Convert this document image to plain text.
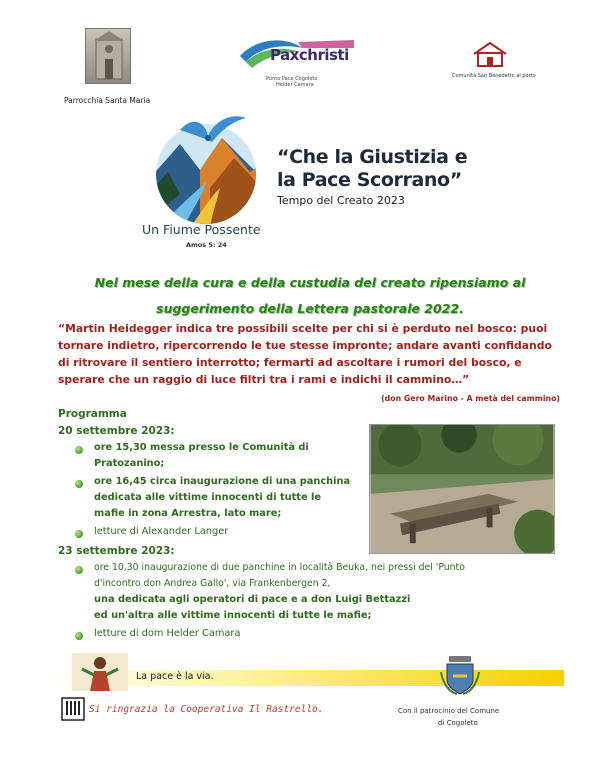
Paxchristi
Punto Pace Cogoleto
Helder Camara
Comunità San Benedetto al porto
Parrocchia Santa Maria
Un Fiume Possente
Amos 5: 24
“Che la Giustizia e
la Pace Scorrano”
Tempo del Creato 2023
Nel mese della cura e della custudia del creato ripensiamo al
suggerimento della Lettera pastorale 2022.
“Martin Heidegger indica tre possibili scelte per chi si è perduto nel bosco: puoi
tornare indietro, ripercorrendo le tue stesse impronte; andare avanti confidando
di ritrovare il sentiero interrotto; fermarti ad ascoltare i rumori del bosco, e
sperare che un raggio di luce filtri tra i rami e indichi il cammino…”
(don Gero Marino - A metà del cammino)
Programma
20 settembre 2023:
ore 15,30 messa presso le Comunità di
Pratozanino;
ore 16,45 circa inaugurazione di una panchina
dedicata alle vittime innocenti di tutte le
mafie in zona Arrestra, lato mare;
letture di Alexander Langer
23 settembre 2023:
ore 10,30 inaugurazione di due panchine in località Beuka, nei pressi del 'Punto
d'incontro don Andrea Gallo', via Frankenbergen 2,
una dedicata agli operatori di pace e a don Luigi Bettazzi
ed un'altra alle vittime innocenti di tutte le mafie;
letture di dom Helder Camara
La pace è la via.
Si ringrazia la Cooperativa Il Rastrello.	Con il patrocinio del Comune
di Cogoleto
